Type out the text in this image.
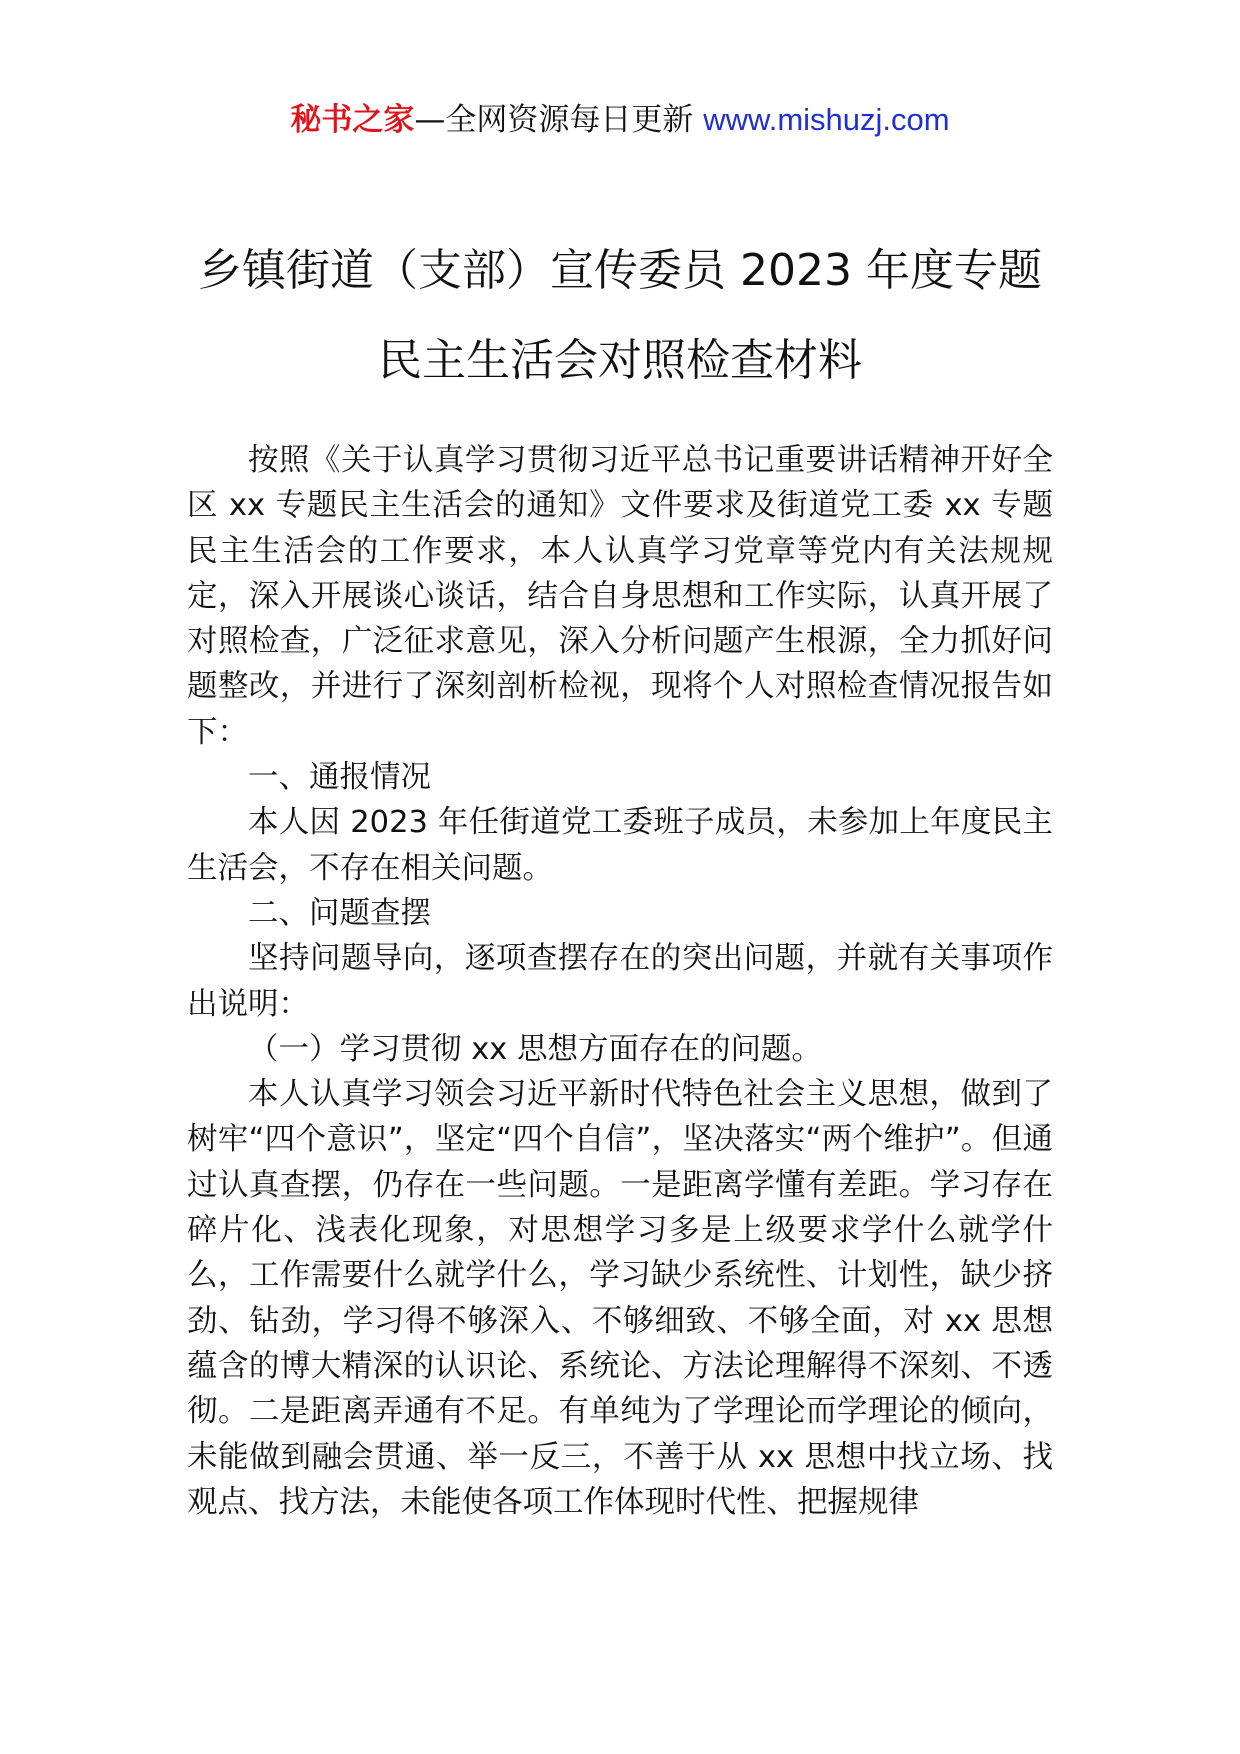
秘书之家—全网资源每日更新 www.mishuzj.com
乡镇街道（支部）宣传委员 2023 年度专题
民主生活会对照检查材料

按照《关于认真学习贯彻习近平总书记重要讲话精神开好全区 xx 专题民主生活会的通知》文件要求及街道党工委 xx 专题民主生活会的工作要求，本人认真学习党章等党内有关法规规定，深入开展谈心谈话，结合自身思想和工作实际，认真开展了对照检查，广泛征求意见，深入分析问题产生根源，全力抓好问题整改，并进行了深刻剖析检视，现将个人对照检查情况报告如下：

一、通报情况

本人因 2023 年任街道党工委班子成员，未参加上年度民主生活会，不存在相关问题。

二、问题查摆

坚持问题导向，逐项查摆存在的突出问题，并就有关事项作出说明：

（一）学习贯彻 xx 思想方面存在的问题。

本人认真学习领会习近平新时代特色社会主义思想，做到了树牢“四个意识”，坚定“四个自信”，坚决落实“两个维护”。但通过认真查摆，仍存在一些问题。一是距离学懂有差距。学习存在碎片化、浅表化现象，对思想学习多是上级要求学什么就学什么，工作需要什么就学什么，学习缺少系统性、计划性，缺少挤劲、钻劲，学习得不够深入、不够细致、不够全面，对 xx 思想蕴含的博大精深的认识论、系统论、方法论理解得不深刻、不透彻。二是距离弄通有不足。有单纯为了学理论而学理论的倾向，未能做到融会贯通、举一反三，不善于从 xx 思想中找立场、找观点、找方法，未能使各项工作体现时代性、把握规律
